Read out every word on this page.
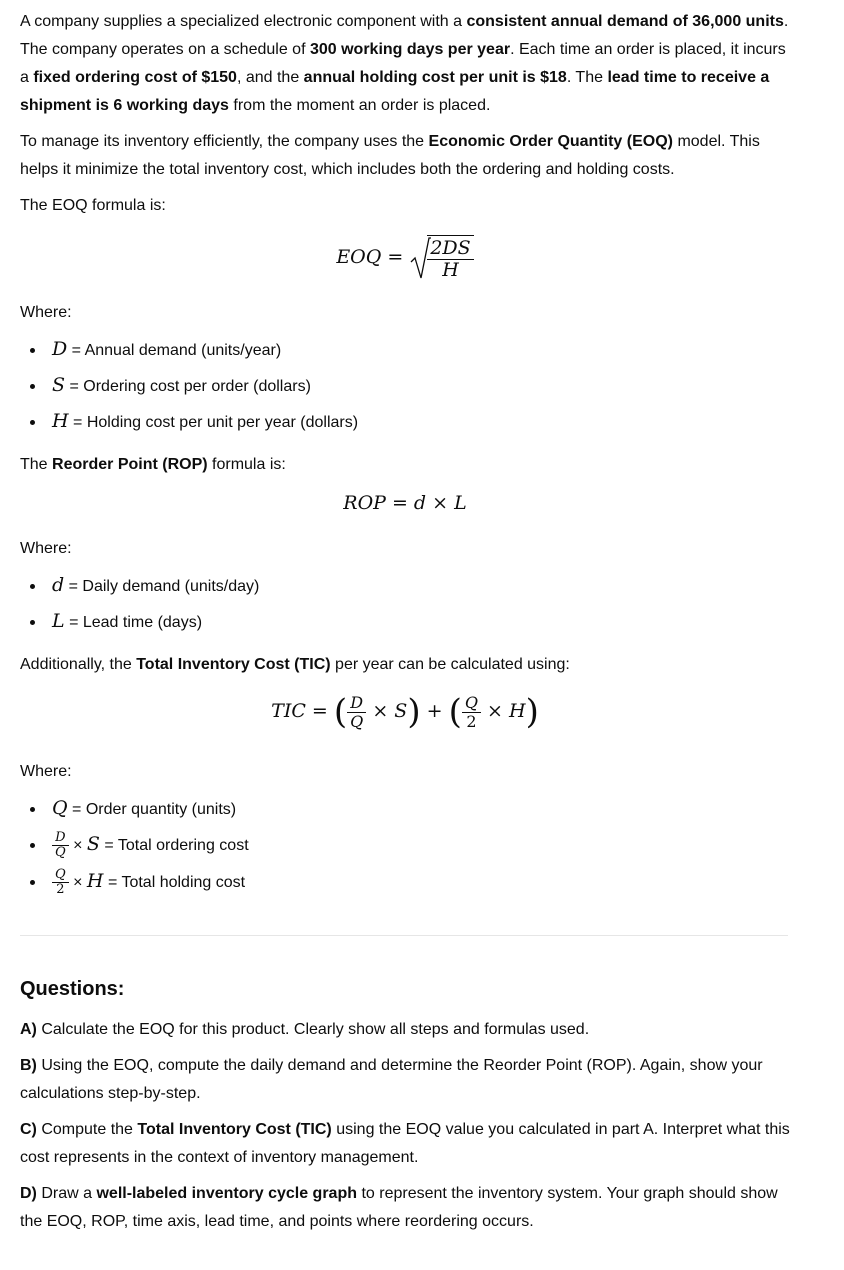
A company supplies a specialized electronic component with a consistent annual demand of 36,000 units. The company operates on a schedule of 300 working days per year. Each time an order is placed, it incurs a fixed ordering cost of $150, and the annual holding cost per unit is $18. The lead time to receive a shipment is 6 working days from the moment an order is placed.

To manage its inventory efficiently, the company uses the Economic Order Quantity (EOQ) model. This helps it minimize the total inventory cost, which includes both the ordering and holding costs.

The EOQ formula is:

EOQ = $\frac{2DS}{H}$
Where:
D = Annual demand (units/year)
S = Ordering cost per order (dollars)
H = Holding cost per unit per year (dollars)

The Reorder Point (ROP) formula is:

ROP = d × L
Where:
d = Daily demand (units/day)
L = Lead time (days)

Additionally, the Total Inventory Cost (TIC) per year can be calculated using:

TIC = ( $\frac{D}{Q} \times S$) + ( $\frac{Q}{2} \times H$)
Where:
Q = Order quantity (units)
$\frac{D}{Q} \times S$ = Total ordering cost
$\frac{Q}{2} \times H$ = Total holding cost
Questions:

A) Calculate the EOQ for this product. Clearly show all steps and formulas used.

B) Using the EOQ, compute the daily demand and determine the Reorder Point (ROP). Again, show your calculations step-by-step.

C) Compute the Total Inventory Cost (TIC) using the EOQ value you calculated in part A. Interpret what this cost represents in the context of inventory management.

D) Draw a well-labeled inventory cycle graph to represent the inventory system. Your graph should show the EOQ, ROP, time axis, lead time, and points where reordering occurs.
